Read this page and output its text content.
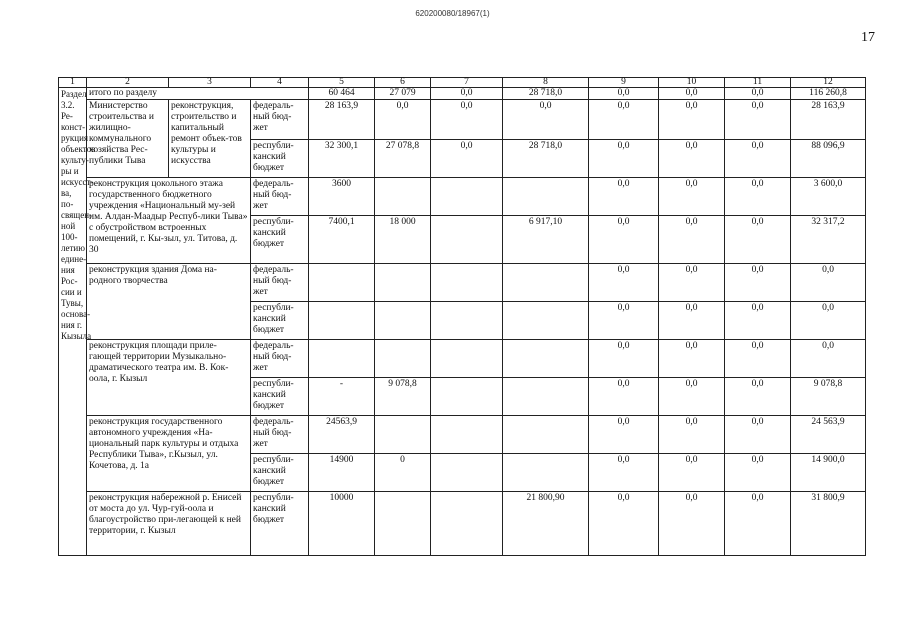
620200080/18967(1)
17
1	2	3	4	5	6	7	8	9	10	11	12
Раздел 3.2. Ре-конст-рукция объектов культу-ры и искусст-ва, по-священ-ной 100-летию едине-ния Рос-сии и Тувы, основа-ния г. Кызыла	итого по разделу			60 464	27 079	0,0	28 718,0	0,0	0,0	0,0	116 260,8
	Министерство строительства и жилищно-коммунального хозяйства Рес-публики Тыва	реконструкция, строительство и капитальный ремонт объек-тов культуры и искусства	федераль-ный бюд-жет	28 163,9	0,0	0,0	0,0	0,0	0,0	0,0	28 163,9
			республи-канский бюджет	32 300,1	27 078,8	0,0	28 718,0	0,0	0,0	0,0	88 096,9
	реконструкция цокольного этажа государственного бюджетного учреждения «Национальный му-зей им. Алдан-Маадыр Респуб-лики Тыва» с обустройством встроенных помещений, г. Кы-зыл, ул. Титова, д. 30		федераль-ный бюд-жет	3600				0,0	0,0	0,0	3 600,0
			республи-канский бюджет	7400,1	18 000		6 917,10	0,0	0,0	0,0	32 317,2
	реконструкция здания Дома на-родного творчества		федераль-ный бюд-жет					0,0	0,0	0,0	0,0
			республи-канский бюджет					0,0	0,0	0,0	0,0
	реконструкция площади приле-гающей территории Музыкально-драматического театра им. В. Кок-оола, г. Кызыл		федераль-ный бюд-жет					0,0	0,0	0,0	0,0
			республи-канский бюджет	-	9 078,8			0,0	0,0	0,0	9 078,8
	реконструкция государственного автономного учреждения «На-циональный парк культуры и отдыха Республики Тыва», г.Кызыл, ул. Кочетова, д. 1а		федераль-ный бюд-жет	24563,9				0,0	0,0	0,0	24 563,9
			республи-канский бюджет	14900	0			0,0	0,0	0,0	14 900,0
	реконструкция набережной р. Енисей от моста до ул. Чур-гуй-оола и благоустройство при-легающей к ней территории, г. Кызыл		республи-канский бюджет	10000			21 800,90	0,0	0,0	0,0	31 800,9
